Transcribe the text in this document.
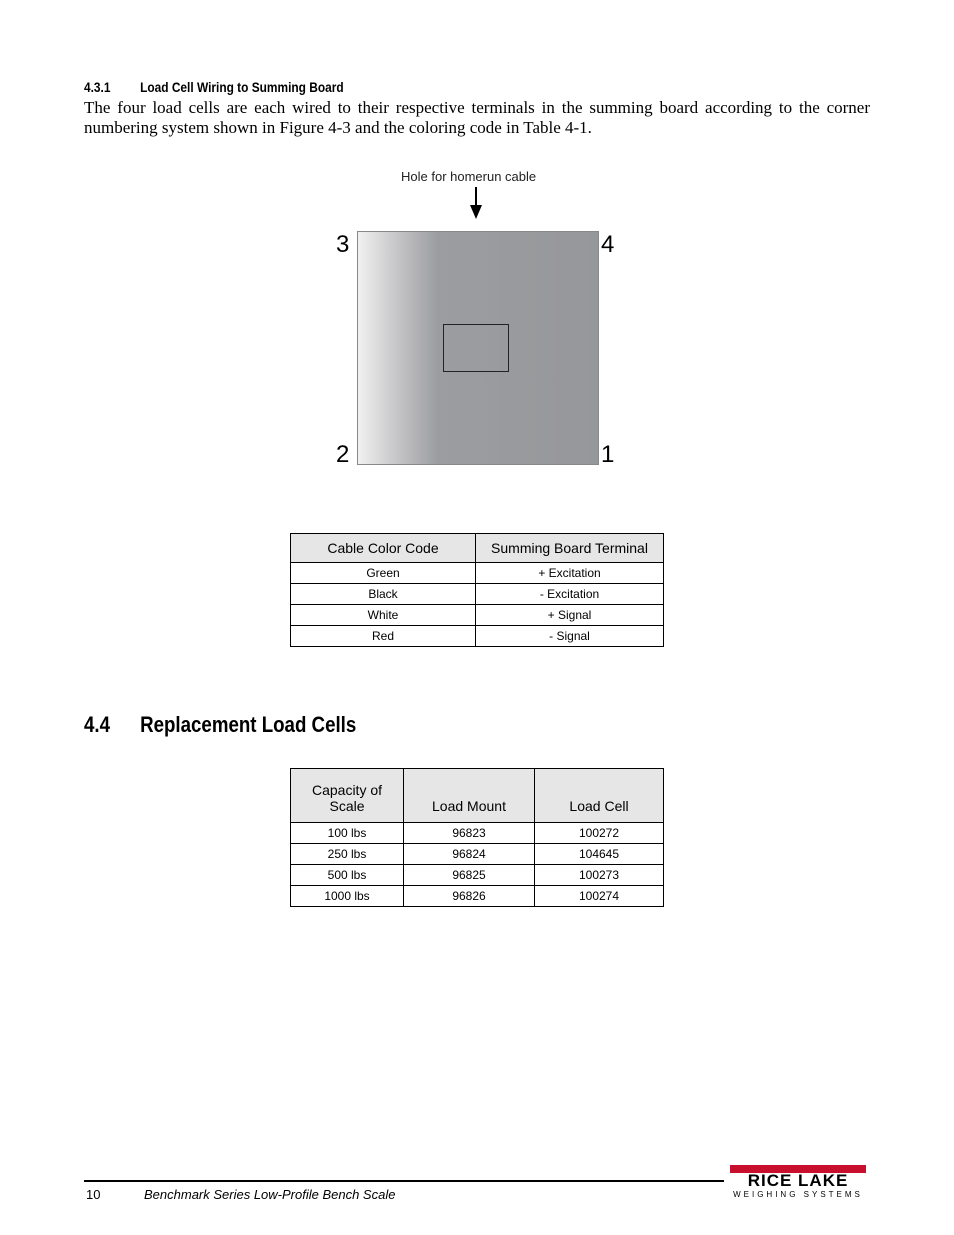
4.3.1 Load Cell Wiring to Summing Board

The four load cells are each wired to their respective terminals in the summing board according to the corner numbering system shown in Figure 4-3 and the coloring code in Table 4-1.

Hole for homerun cable
3	4
2	1
Cable Color Code	Summing Board Terminal
Green	+ Excitation
Black	- Excitation
White	+ Signal
Red	- Signal
4.4 Replacement Load Cells
Capacity of Scale	Load Mount	Load Cell
100 lbs	96823	100272
250 lbs	96824	104645
500 lbs	96825	100273
1000 lbs	96826	100274
10	Benchmark Series Low-Profile Bench Scale
RICE LAKE
WEIGHING SYSTEMS
